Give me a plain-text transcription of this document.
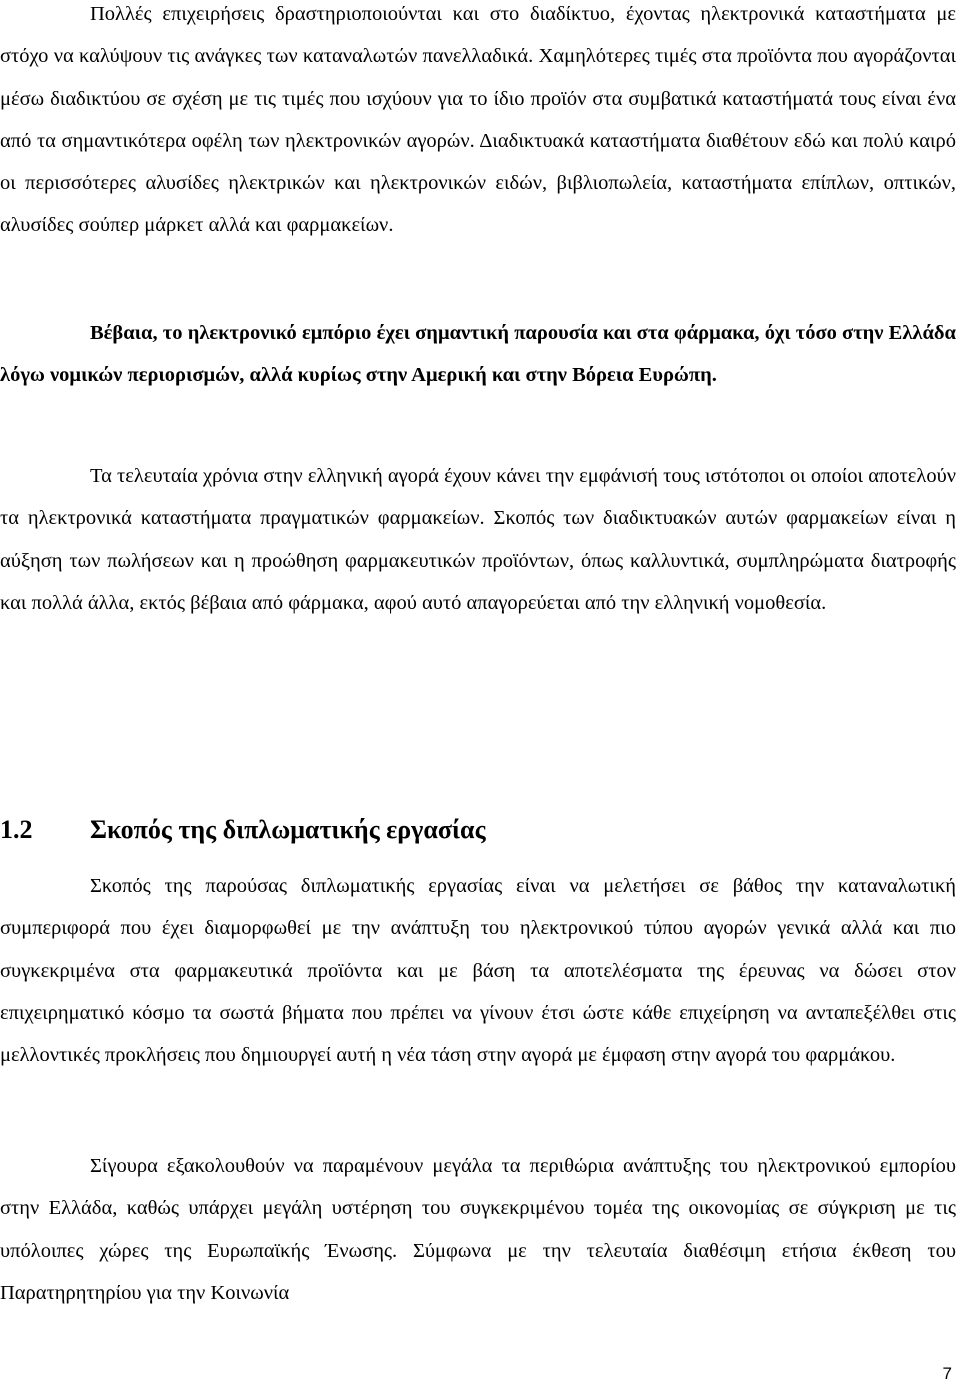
Πολλές επιχειρήσεις δραστηριοποιούνται και στο διαδίκτυο, έχοντας ηλεκτρονικά καταστήματα με στόχο να καλύψουν τις ανάγκες των καταναλωτών πανελλαδικά. Χαμηλότερες τιμές στα προϊόντα που αγοράζονται μέσω διαδικτύου σε σχέση με τις τιμές που ισχύουν για το ίδιο προϊόν στα συμβατικά καταστήματά τους είναι ένα από τα σημαντικότερα οφέλη των ηλεκτρονικών αγορών. Διαδικτυακά καταστήματα διαθέτουν εδώ και πολύ καιρό οι περισσότερες αλυσίδες ηλεκτρικών και ηλεκτρονικών ειδών, βιβλιοπωλεία, καταστήματα επίπλων, οπτικών, αλυσίδες σούπερ μάρκετ αλλά και φαρμακείων.

Βέβαια, το ηλεκτρονικό εμπόριο έχει σημαντική παρουσία και στα φάρμακα, όχι τόσο στην Ελλάδα λόγω νομικών περιορισμών, αλλά κυρίως στην Αμερική και στην Βόρεια Ευρώπη.

Τα τελευταία χρόνια στην ελληνική αγορά έχουν κάνει την εμφάνισή τους ιστότοποι οι οποίοι αποτελούν τα ηλεκτρονικά καταστήματα πραγματικών φαρμακείων. Σκοπός των διαδικτυακών αυτών φαρμακείων είναι η αύξηση των πωλήσεων και η προώθηση φαρμακευτικών προϊόντων, όπως καλλυντικά, συμπληρώματα διατροφής και πολλά άλλα, εκτός βέβαια από φάρμακα, αφού αυτό απαγορεύεται από την ελληνική νομοθεσία.

1.2 Σκοπός της διπλωματικής εργασίας

Σκοπός της παρούσας διπλωματικής εργασίας είναι να μελετήσει σε βάθος την καταναλωτική συμπεριφορά που έχει διαμορφωθεί με την ανάπτυξη του ηλεκτρονικού τύπου αγορών γενικά αλλά και πιο συγκεκριμένα στα φαρμακευτικά προϊόντα και με βάση τα αποτελέσματα της έρευνας να δώσει στον επιχειρηματικό κόσμο τα σωστά βήματα που πρέπει να γίνουν έτσι ώστε κάθε επιχείρηση να ανταπεξέλθει στις μελλοντικές προκλήσεις που δημιουργεί αυτή η νέα τάση στην αγορά με έμφαση στην αγορά του φαρμάκου.

Σίγουρα εξακολουθούν να παραμένουν μεγάλα τα περιθώρια ανάπτυξης του ηλεκτρονικού εμπορίου στην Ελλάδα, καθώς υπάρχει μεγάλη υστέρηση του συγκεκριμένου τομέα της οικονομίας σε σύγκριση με τις υπόλοιπες χώρες της Ευρωπαϊκής Ένωσης. Σύμφωνα με την τελευταία διαθέσιμη ετήσια έκθεση του Παρατηρητηρίου για την Κοινωνία

7
